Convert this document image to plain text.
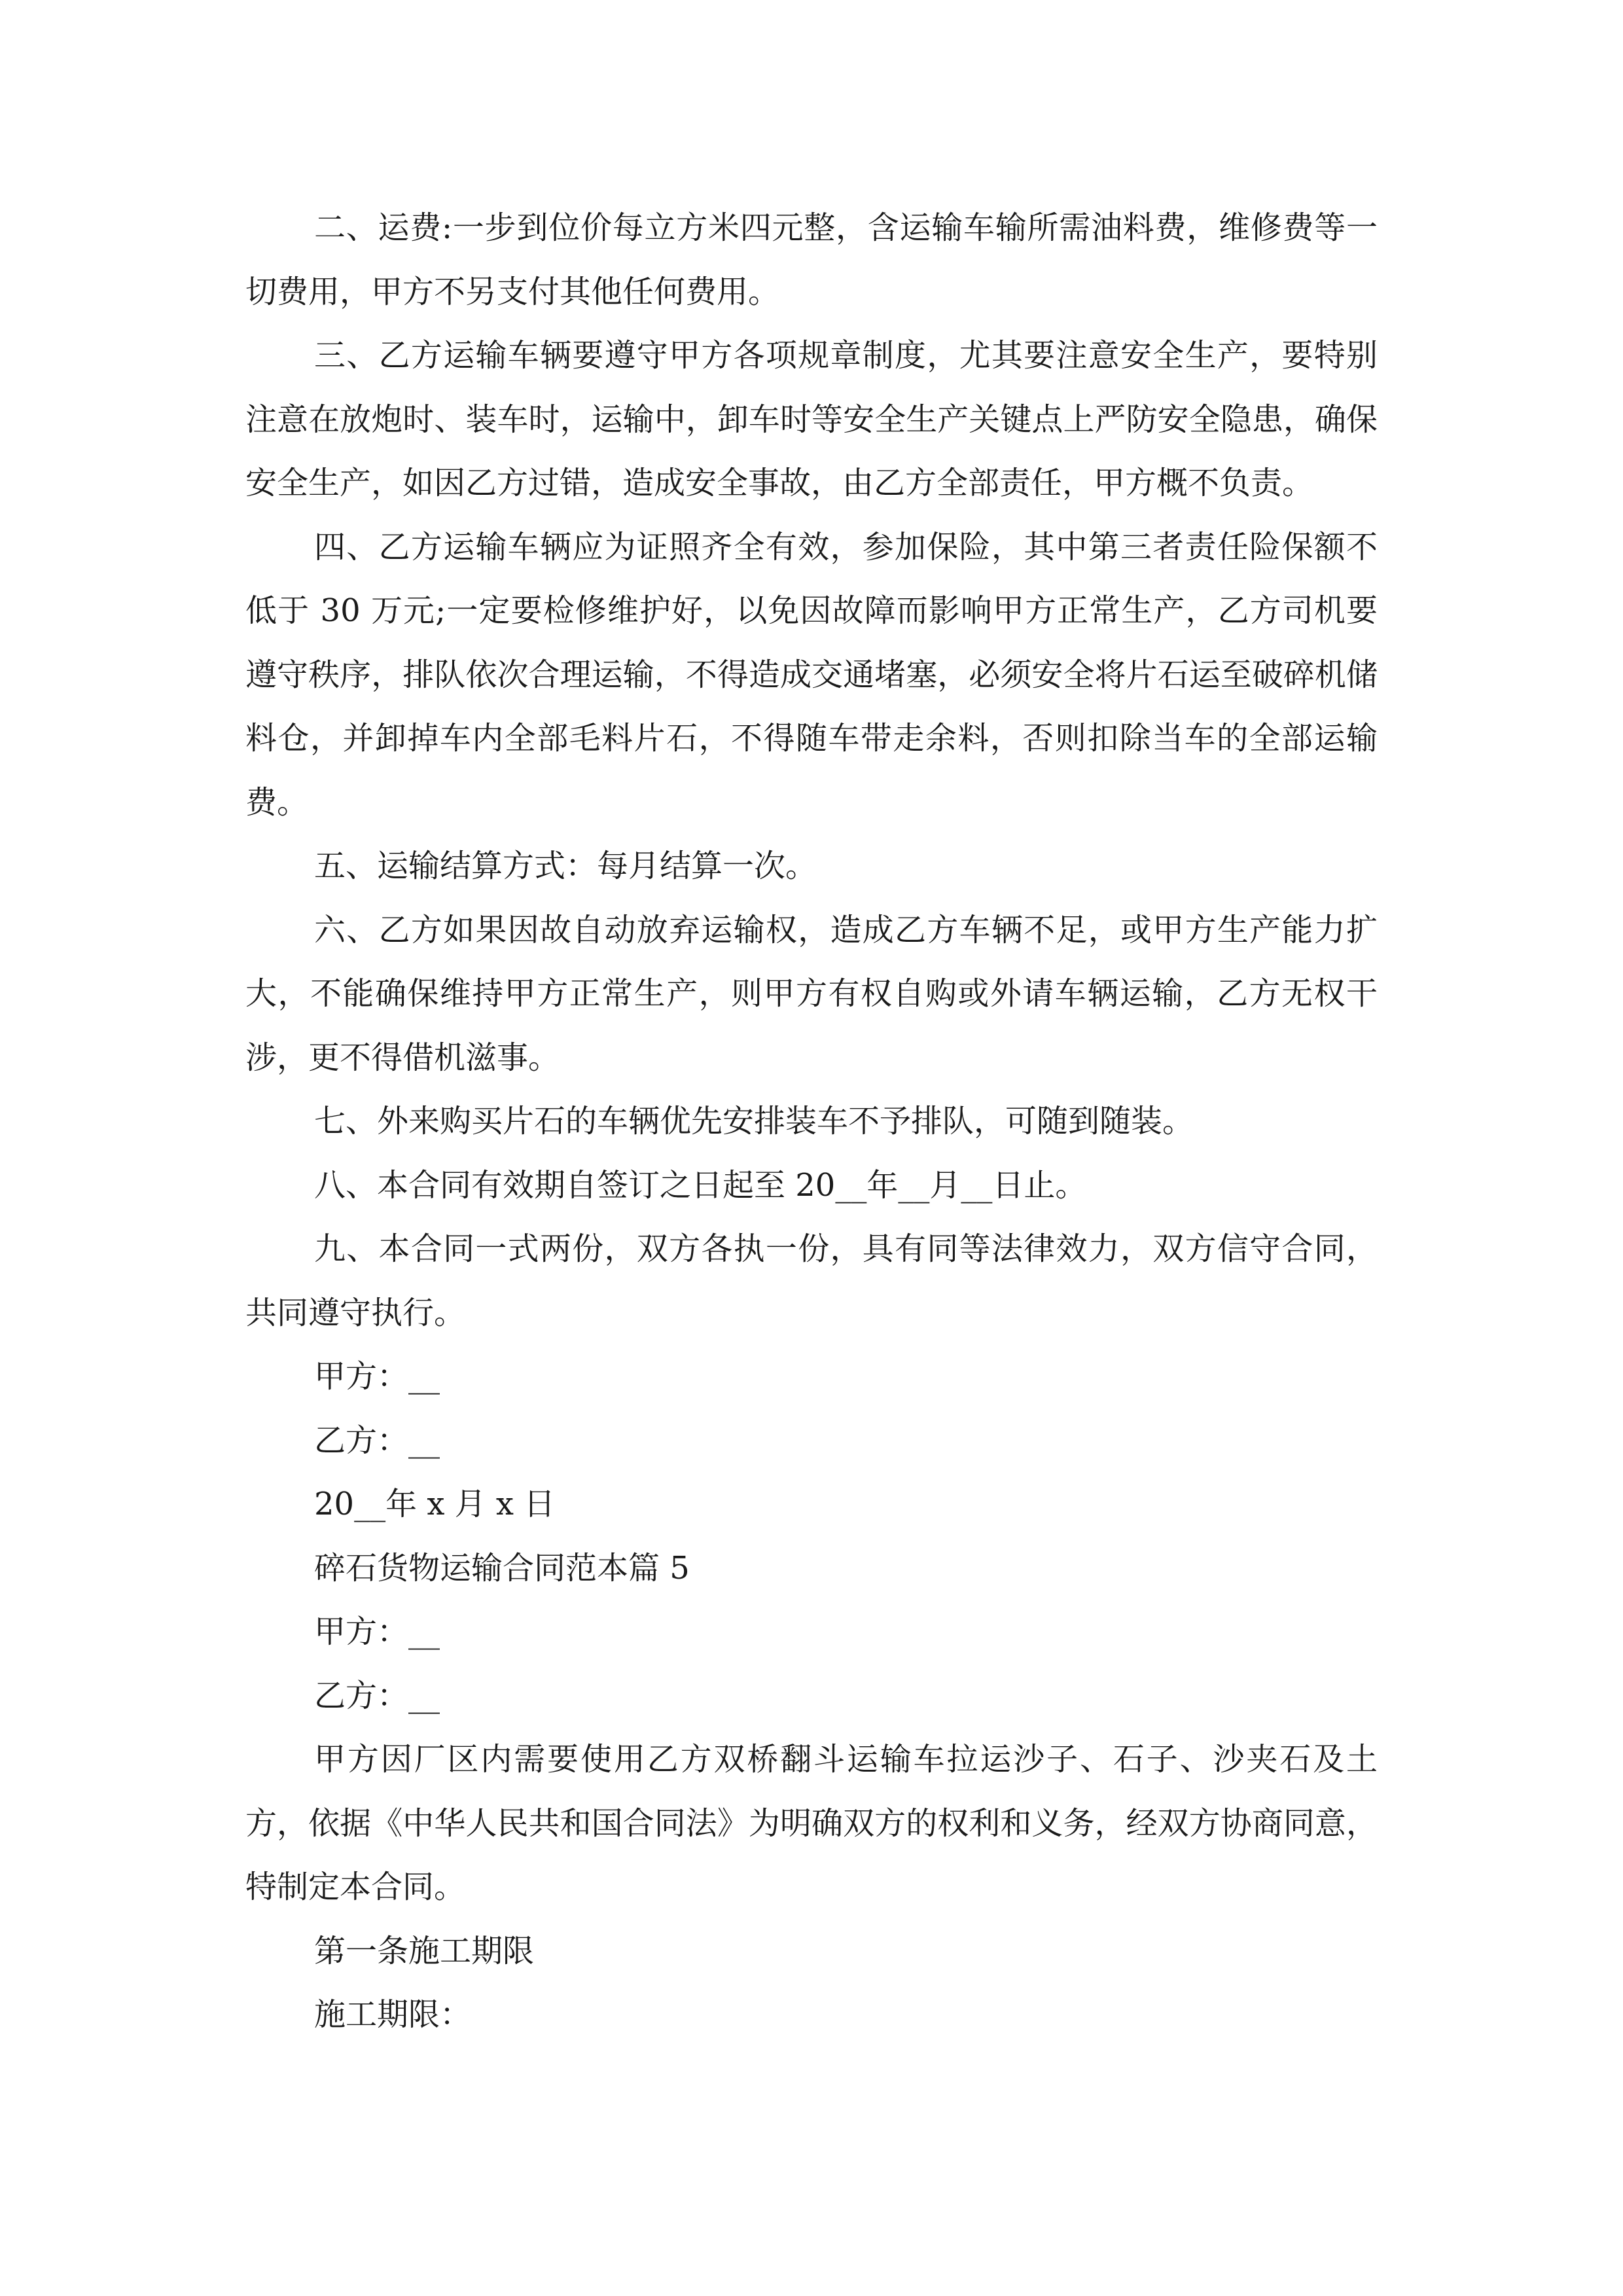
二、运费:一步到位价每立方米四元整，含运输车输所需油料费，维修费等一切费用，甲方不另支付其他任何费用。

三、乙方运输车辆要遵守甲方各项规章制度，尤其要注意安全生产，要特别注意在放炮时、装车时，运输中，卸车时等安全生产关键点上严防安全隐患，确保安全生产，如因乙方过错，造成安全事故，由乙方全部责任，甲方概不负责。

四、乙方运输车辆应为证照齐全有效，参加保险，其中第三者责任险保额不低于 30 万元;一定要检修维护好，以免因故障而影响甲方正常生产，乙方司机要遵守秩序，排队依次合理运输，不得造成交通堵塞，必须安全将片石运至破碎机储料仓，并卸掉车内全部毛料片石，不得随车带走余料，否则扣除当车的全部运输费。

五、运输结算方式：每月结算一次。

六、乙方如果因故自动放弃运输权，造成乙方车辆不足，或甲方生产能力扩大，不能确保维持甲方正常生产，则甲方有权自购或外请车辆运输，乙方无权干涉，更不得借机滋事。

七、外来购买片石的车辆优先安排装车不予排队，可随到随装。

八、本合同有效期自签订之日起至 20__年__月__日止。

九、本合同一式两份，双方各执一份，具有同等法律效力，双方信守合同，共同遵守执行。

甲方：__

乙方：__

20__年 x 月 x 日

碎石货物运输合同范本篇 5

甲方：__

乙方：__

甲方因厂区内需要使用乙方双桥翻斗运输车拉运沙子、石子、沙夹石及土方，依据《中华人民共和国合同法》为明确双方的权利和义务，经双方协商同意，特制定本合同。

第一条施工期限

施工期限：
